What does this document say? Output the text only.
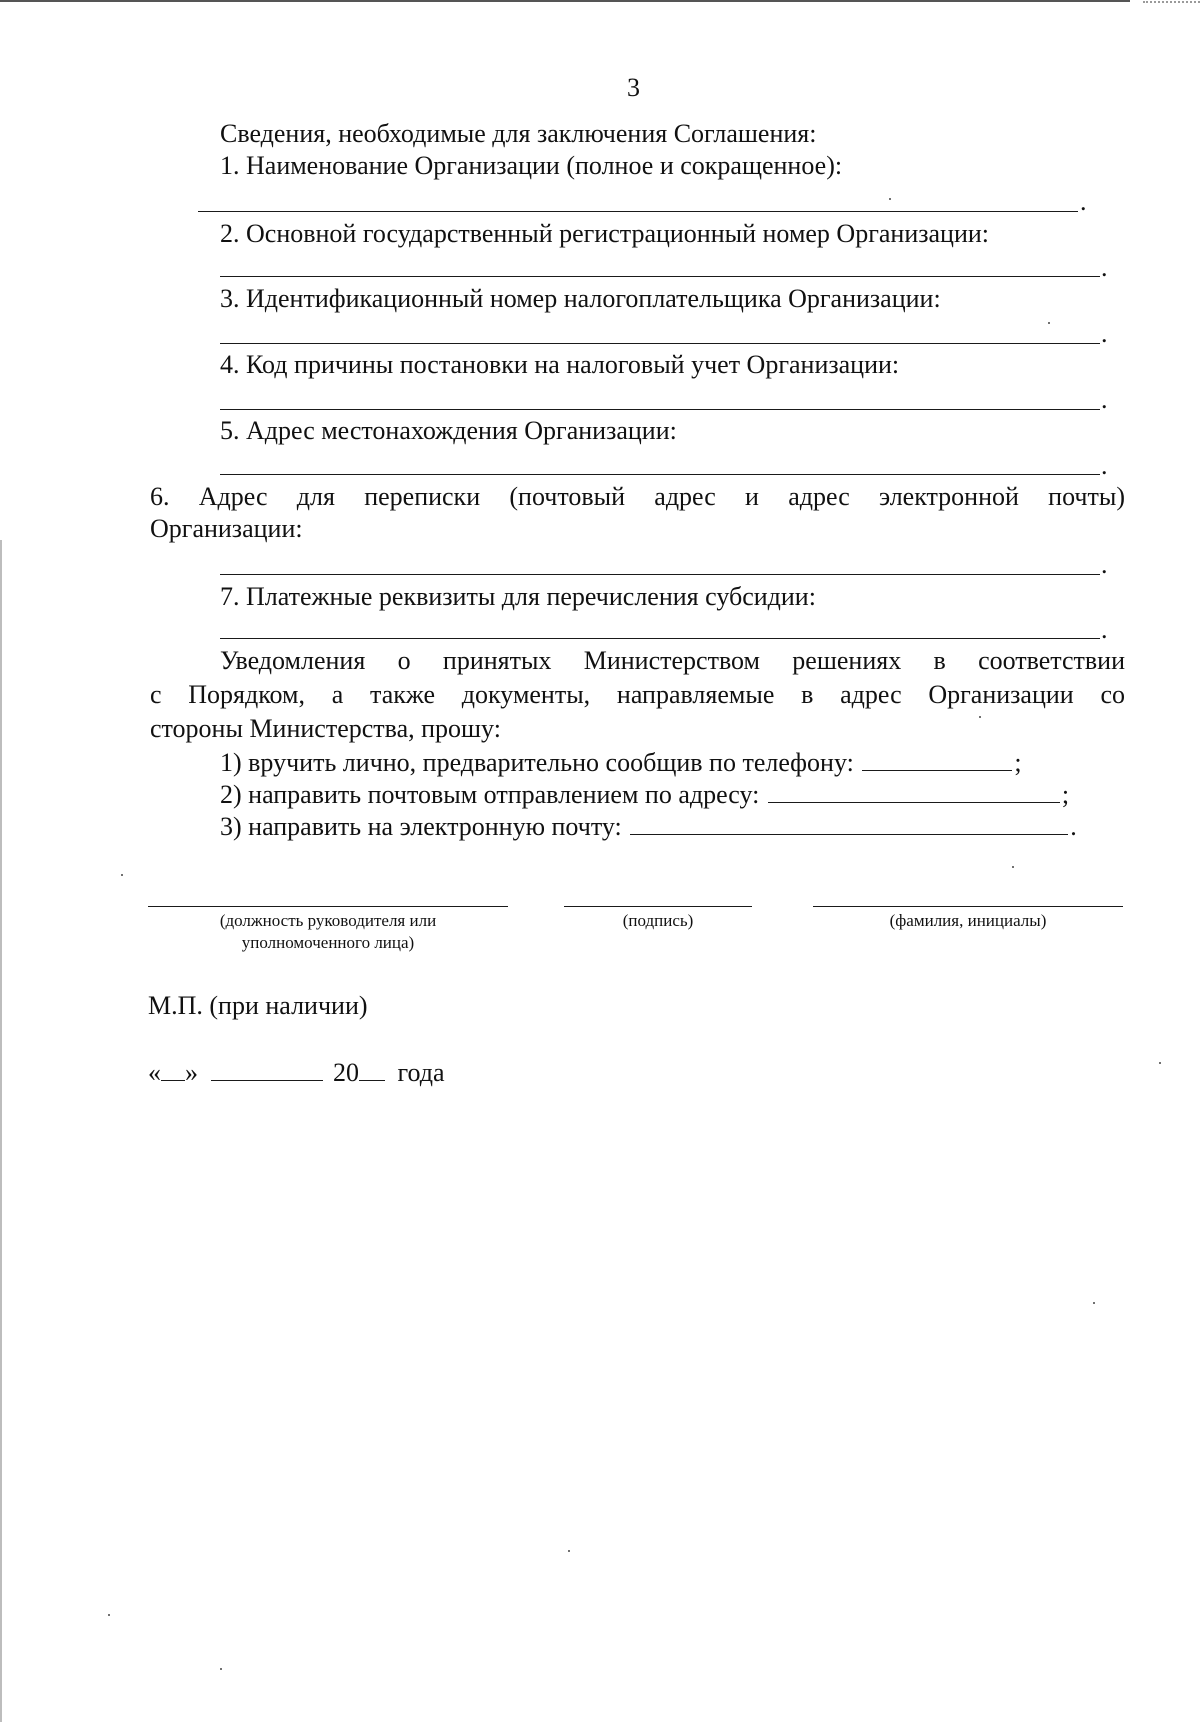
3
Сведения, необходимые для заключения Соглашения:
1. Наименование Организации (полное и сокращенное):
.
2. Основной государственный регистрационный номер Организации:
.
3. Идентификационный номер налогоплательщика Организации:
.
4. Код причины постановки на налоговый учет Организации:
.
5. Адрес местонахождения Организации:
.
6. Адрес для переписки (почтовый адрес и адрес электронной почты)
Организации:
.
7. Платежные реквизиты для перечисления субсидии:
.
Уведомления о принятых Министерством решениях в соответствии
с Порядком, а также документы, направляемые в адрес Организации со
стороны Министерства, прошу:
1) вручить лично, предварительно сообщив по телефону:	;
2) направить почтовым отправлением по адресу:	;
3) направить на электронную почту:	.
(должность руководителя или
уполномоченного лица)
(подпись)	(фамилия, инициалы)
М.П. (при наличии)
« »	20 года
